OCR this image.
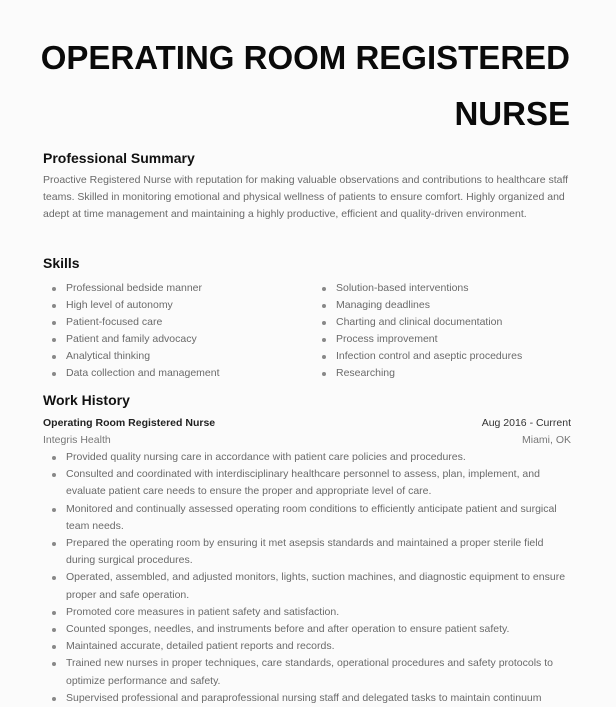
OPERATING ROOM REGISTERED
NURSE
Professional Summary

Proactive Registered Nurse with reputation for making valuable observations and contributions to healthcare staff teams. Skilled in monitoring emotional and physical wellness of patients to ensure comfort. Highly organized and adept at time management and maintaining a highly productive, efficient and quality-driven environment.

Skills
Professional bedside manner
High level of autonomy
Patient-focused care
Patient and family advocacy
Analytical thinking
Data collection and management
Solution-based interventions
Managing deadlines
Charting and clinical documentation
Process improvement
Infection control and aseptic procedures
Researching
Work History
Operating Room Registered Nurse	Aug 2016 - Current
Integris Health	Miami, OK
Provided quality nursing care in accordance with patient care policies and procedures.
Consulted and coordinated with interdisciplinary healthcare personnel to assess, plan, implement, and evaluate patient care needs to ensure the proper and appropriate level of care.
Monitored and continually assessed operating room conditions to efficiently anticipate patient and surgical team needs.
Prepared the operating room by ensuring it met asepsis standards and maintained a proper sterile field during surgical procedures.
Operated, assembled, and adjusted monitors, lights, suction machines, and diagnostic equipment to ensure proper and safe operation.
Promoted core measures in patient safety and satisfaction.
Counted sponges, needles, and instruments before and after operation to ensure patient safety.
Maintained accurate, detailed patient reports and records.
Trained new nurses in proper techniques, care standards, operational procedures and safety protocols to optimize performance and safety.
Supervised professional and paraprofessional nursing staff and delegated tasks to maintain continuum
